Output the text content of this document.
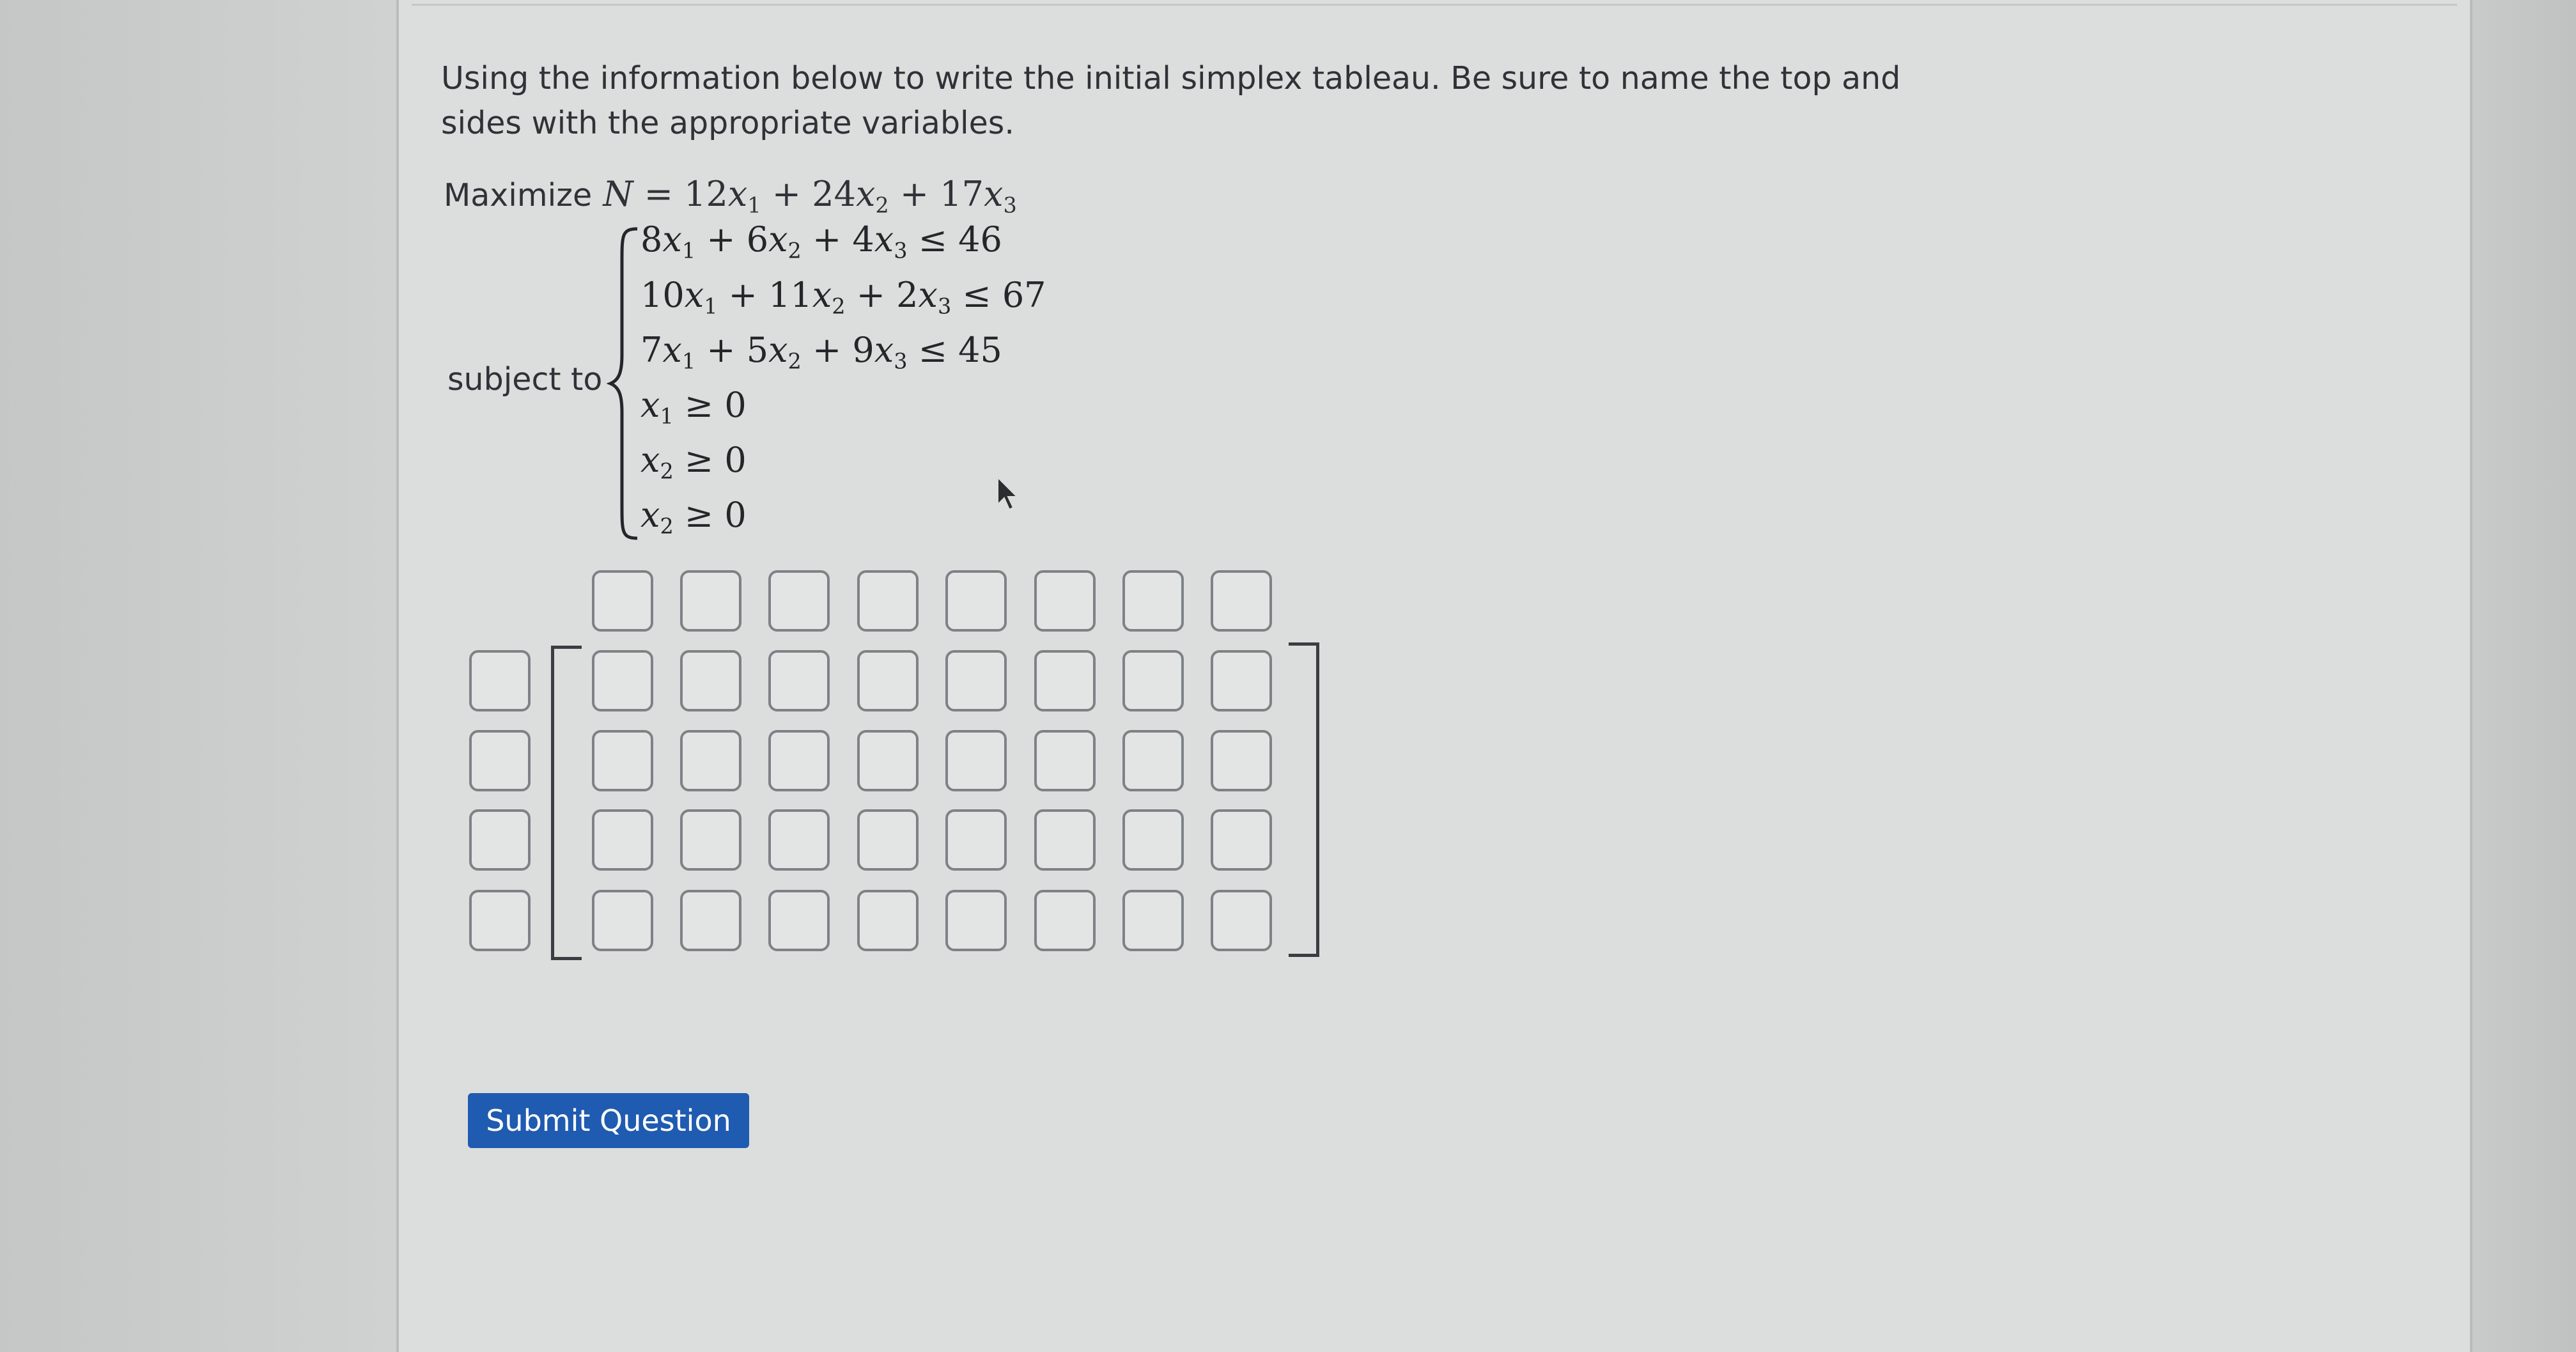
Using the information below to write the initial simplex tableau. Be sure to name the top and sides with the appropriate variables.
Maximize $N = 12x_1 + 24x_2 + 17x_3$
subject to
$8x_1 + 6x_2 + 4x_3 \le 46$
$10x_1 + 11x_2 + 2x_3 \le 67$
$7x_1 + 5x_2 + 9x_3 \le 45$
$x_1 \ge 0$
$x_2 \ge 0$
$x_2 \ge 0$
Submit Question
